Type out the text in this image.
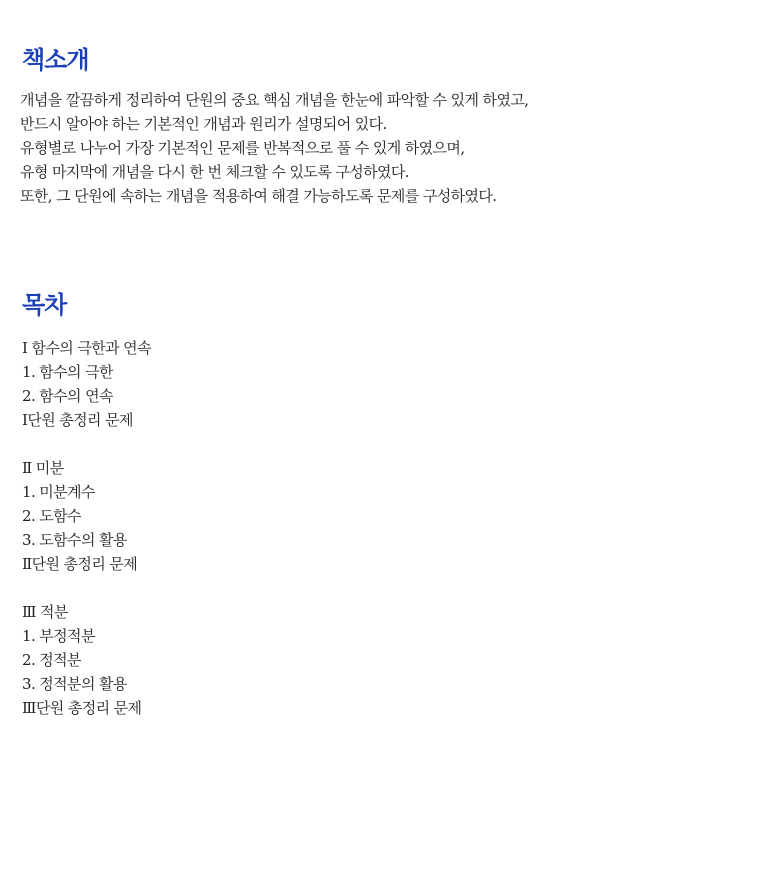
책소개
개념을 깔끔하게 정리하여 단원의 중요 핵심 개념을 한눈에 파악할 수 있게 하였고,
반드시 알아야 하는 기본적인 개념과 원리가 설명되어 있다.
유형별로 나누어 가장 기본적인 문제를 반복적으로 풀 수 있게 하였으며,
유형 마지막에 개념을 다시 한 번 체크할 수 있도록 구성하였다.
또한, 그 단원에 속하는 개념을 적용하여 해결 가능하도록 문제를 구성하였다.
목차
Ⅰ 함수의 극한과 연속
1. 함수의 극한
2. 함수의 연속
Ⅰ단원 총정리 문제
Ⅱ 미분
1. 미분계수
2. 도함수
3. 도함수의 활용
Ⅱ단원 총정리 문제
Ⅲ 적분
1. 부정적분
2. 정적분
3. 정적분의 활용
Ⅲ단원 총정리 문제
